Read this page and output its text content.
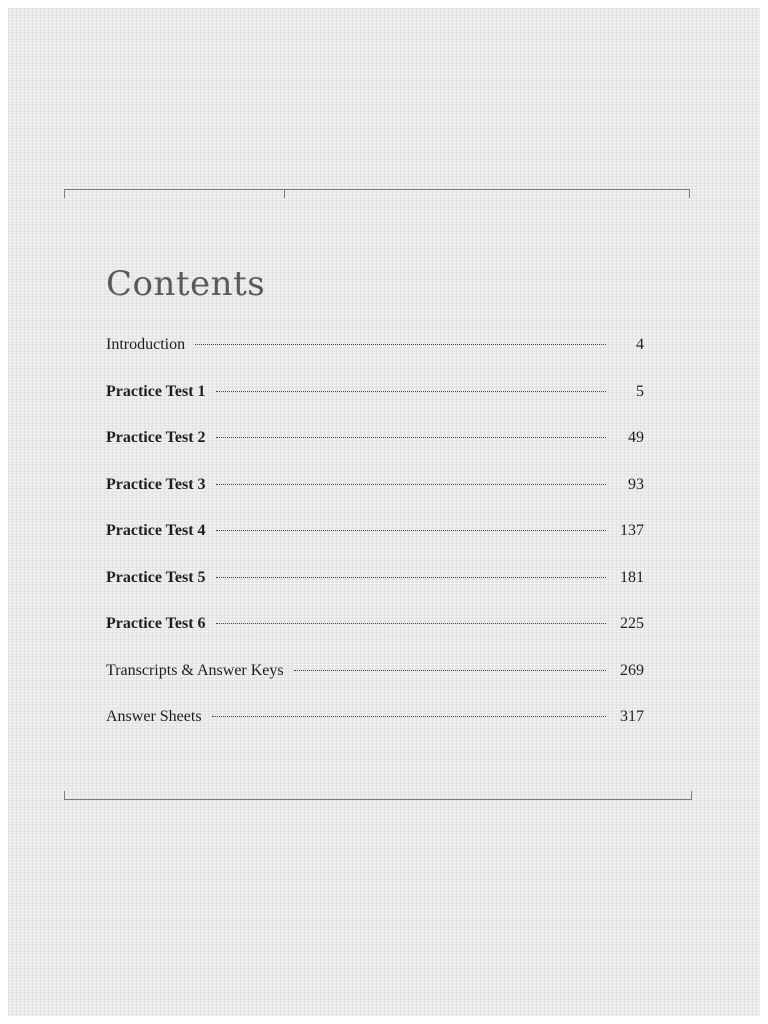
Contents
Introduction	4
Practice Test 1	5
Practice Test 2	49
Practice Test 3	93
Practice Test 4	137
Practice Test 5	181
Practice Test 6	225
Transcripts & Answer Keys	269
Answer Sheets	317
